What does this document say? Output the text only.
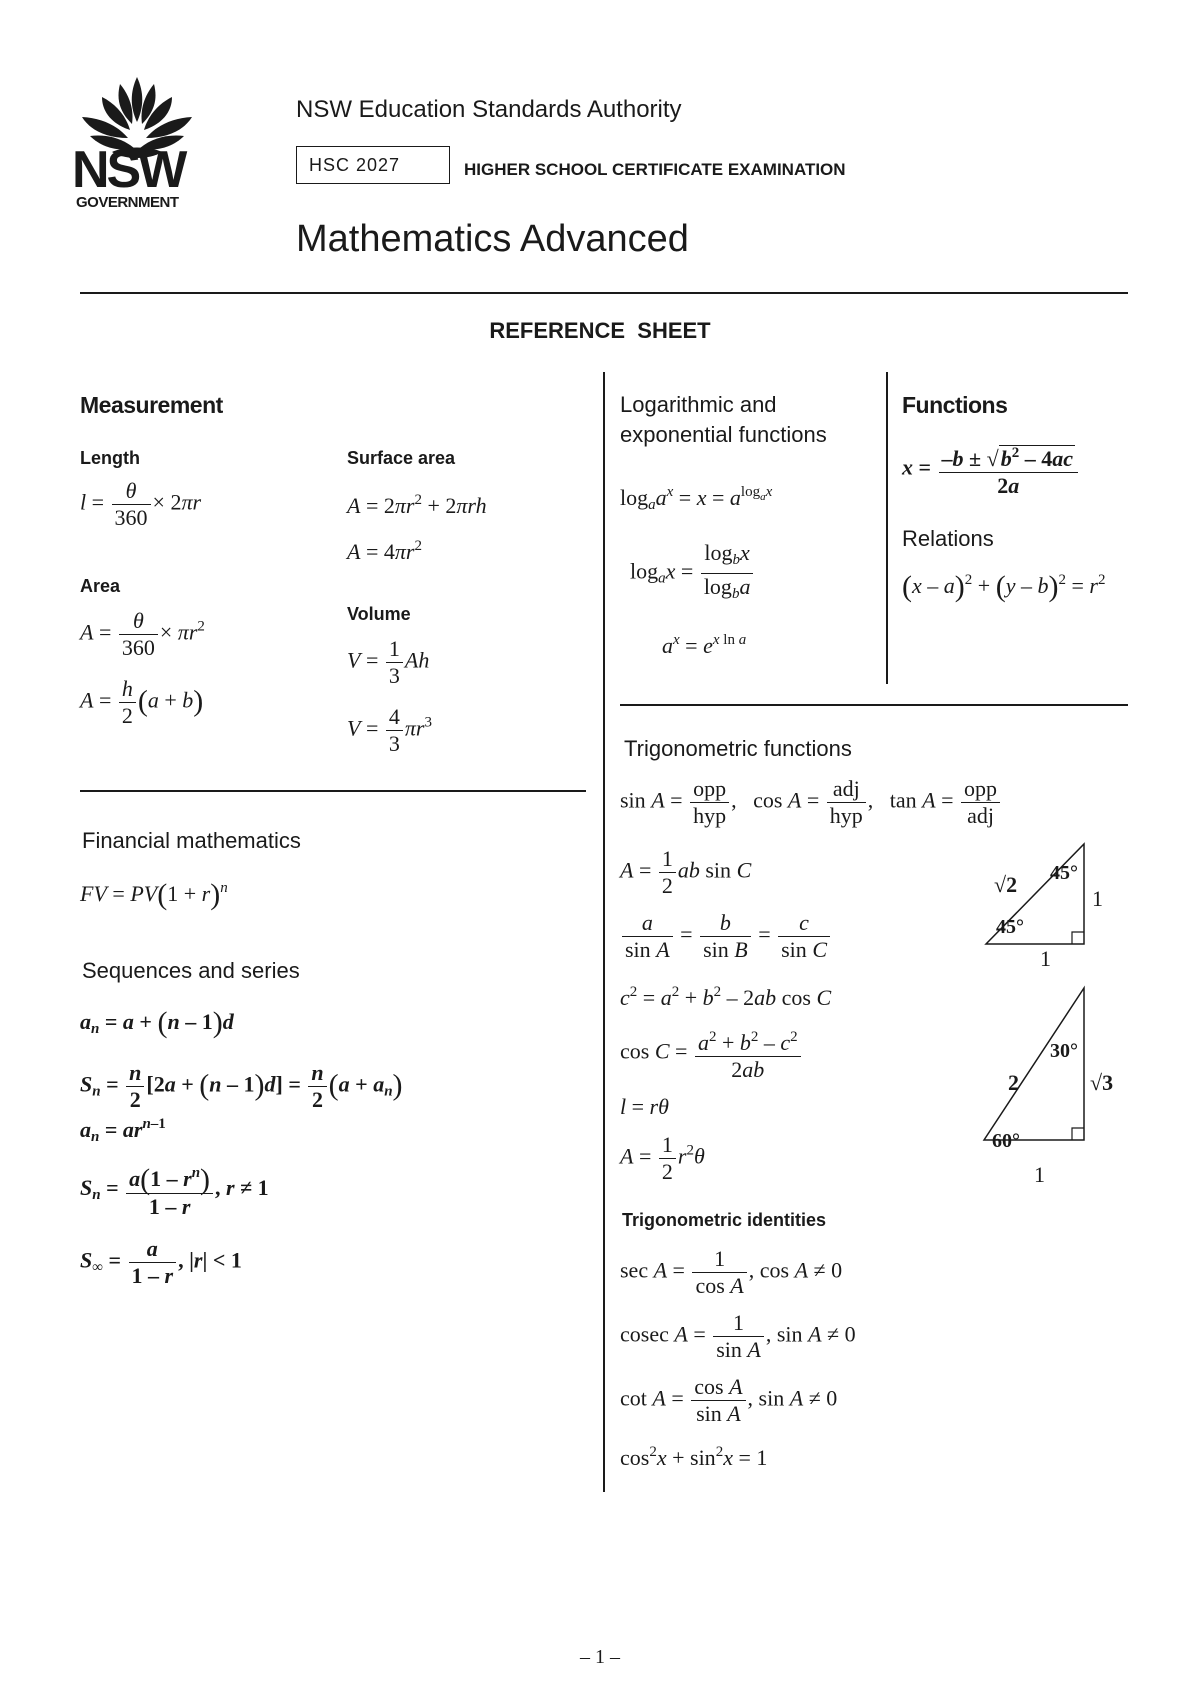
NSW
GOVERNMENT
NSW Education Standards Authority
HSC 2027	HIGHER SCHOOL CERTIFICATE EXAMINATION
Mathematics Advanced
REFERENCE  SHEET
Measurement
Length
$l = \frac{\theta}{360} \times 2\pi r$
Area
$A = \frac{\theta}{360} \times \pi r^2$
$A = \frac{h}{2} (a + b)$
Surface area
$A = 2\pi r^2 + 2\pi rh$
$A = 4\pi r^2$
Volume
$V = \frac{1}{3}$ Ah
$V = \frac{4}{3} \pi r^3$
Financial mathematics
FV = $PV(1 + r)^n$
Sequences and series
$a_n = a + (n - 1)d$
$S_n = \frac{n}{2} [2a + (n - 1)d] = \frac{n}{2} (a + a_n)$
$a_n = ar^{n-1}$
$S_n = \frac{a(1 - r^n)}{1 - r}$ , r ≠ 1
$S_\infty = \frac{a}{1 - r}$ , |r| < 1
Logarithmic and
exponential functions
$\log_aa^x = x = a^{log_ax}$
$\log_ax = \frac{\log_bx}{\log_ba}$
$a^x = e^{x ln a}$
Functions
$x = \frac{-b \pm √b^2 - 4ac}{2a}$
Relations
$(x - a)^2 + (y - b)^2 = r^2$
Trigonometric functions
$\sin A = \frac{\text{opp}}{\text{hyp}}$ ,   $\cos A = \frac{\text{adj}}{\text{hyp}}$ ,   $\tan A = \frac{\text{opp}}{\text{adj}}$
$A = \frac{1}{2}$ ab sin C
$\frac{a}{\text{sin A}} = \frac{b}{\text{sin B}} = \frac{c}{\text{sin C}}$
$c^2 = a^2 + b^2 - 2ab$ cos C
$\cos C = \frac{a^2 + b^2 - c^2}{2ab}$
l = rθ
$A = \frac{1}{2} r^2\theta$
Trigonometric identities
$\sec A = \frac{1}{\text{cos A}}$ , cos A ≠ 0
cosec $A = \frac{1}{\text{sin A}}$ , sin A ≠ 0
$\cot A = \frac{\text{cos A}}{\text{sin A}}$ , sin A ≠ 0
$\cos^2x + \sin^2x = 1$
√2 45°
45°
1
1
2
30°
60°
√3
1
– 1 –
